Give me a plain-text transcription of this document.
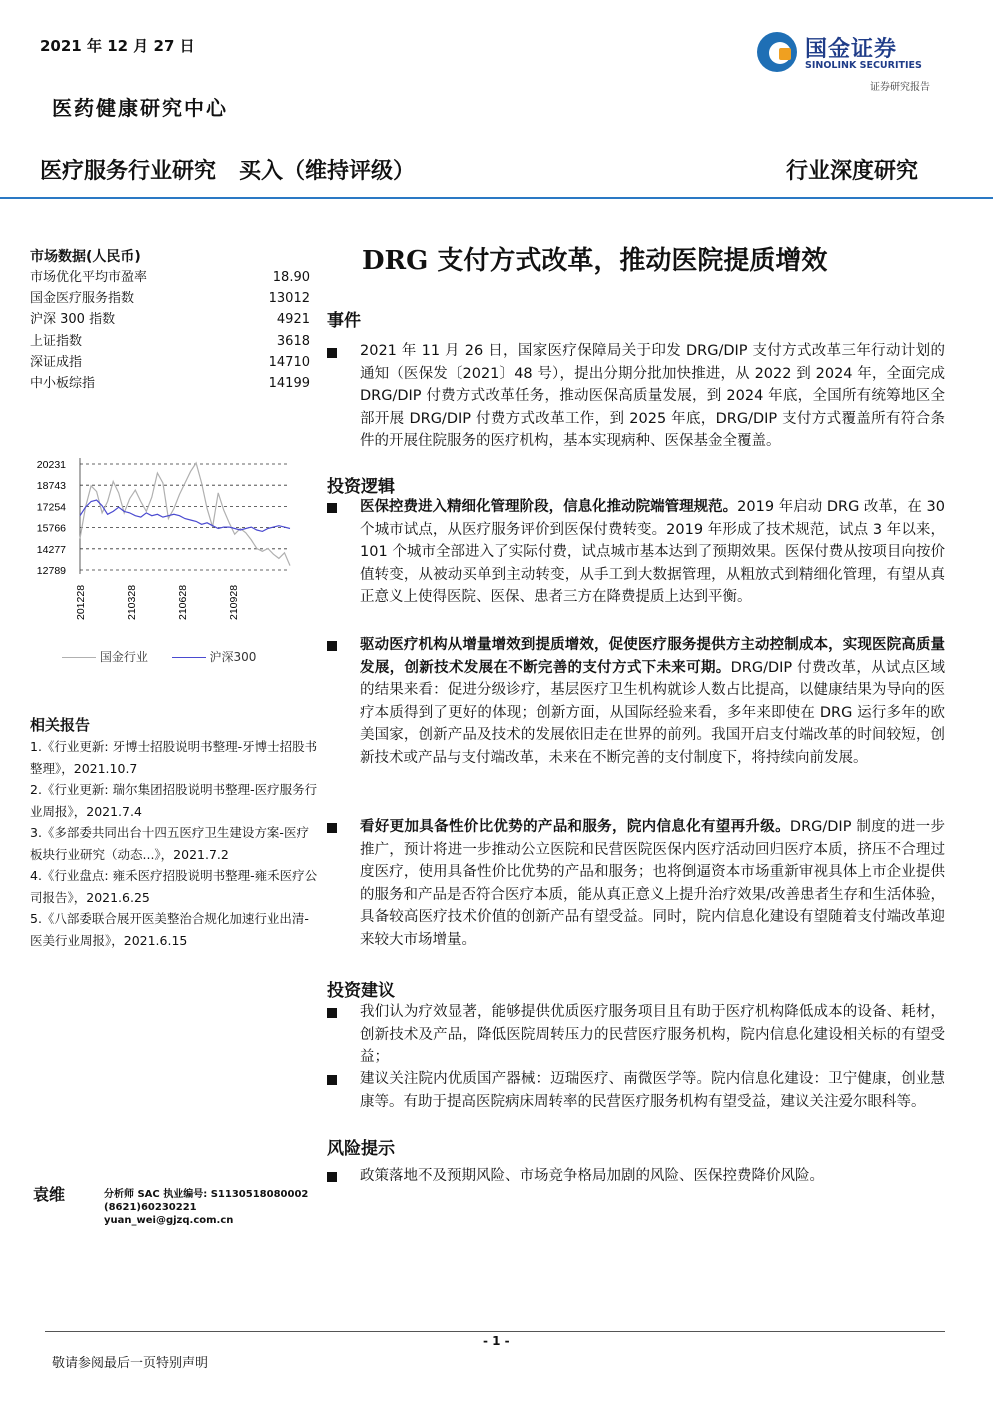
2021 年 12 月 27 日	国金证券
SINOLINK SECURITIES
证券研究报告
医药健康研究中心
医疗服务行业研究   买入（维持评级）	行业深度研究
市场数据(人民币)
市场优化平均市盈率	18.90
国金医疗服务指数	13012
沪深 300 指数	4921
上证指数	3618
深证成指	14710
中小板综指	14199
20231
18743
17254
15766
14277
12789
201228	210328	210628	210928
国金行业	沪深300
相关报告
1.《行业更新: 牙博士招股说明书整理-牙博士招股书整理》，2021.10.7
2.《行业更新: 瑞尔集团招股说明书整理-医疗服务行业周报》，2021.7.4
3.《多部委共同出台十四五医疗卫生建设方案-医疗板块行业研究（动态...》，2021.7.2
4.《行业盘点: 雍禾医疗招股说明书整理-雍禾医疗公司报告》，2021.6.25
5.《八部委联合展开医美整治合规化加速行业出清-医美行业周报》，2021.6.15
袁维	分析师 SAC 执业编号: S1130518080002
(8621)60230221
yuan_wei@gjzq.com.cn
DRG 支付方式改革，推动医院提质增效
事件
2021 年 11 月 26 日，国家医疗保障局关于印发 DRG/DIP 支付方式改革三年行动计划的通知（医保发〔2021〕48 号），提出分期分批加快推进，从 2022 到 2024 年，全面完成 DRG/DIP 付费方式改革任务，推动医保高质量发展，到 2024 年底，全国所有统筹地区全部开展 DRG/DIP 付费方式改革工作，到 2025 年底，DRG/DIP 支付方式覆盖所有符合条件的开展住院服务的医疗机构，基本实现病种、医保基金全覆盖。
投资逻辑
医保控费进入精细化管理阶段，信息化推动院端管理规范。2019 年启动 DRG 改革，在 30 个城市试点，从医疗服务评价到医保付费转变。2019 年形成了技术规范，试点 3 年以来，101 个城市全部进入了实际付费，试点城市基本达到了预期效果。医保付费从按项目向按价值转变，从被动买单到主动转变，从手工到大数据管理，从粗放式到精细化管理，有望从真正意义上使得医院、医保、患者三方在降费提质上达到平衡。
驱动医疗机构从增量增效到提质增效，促使医疗服务提供方主动控制成本，实现医院高质量发展，创新技术发展在不断完善的支付方式下未来可期。DRG/DIP 付费改革，从试点区域的结果来看：促进分级诊疗，基层医疗卫生机构就诊人数占比提高，以健康结果为导向的医疗本质得到了更好的体现；创新方面，从国际经验来看，多年来即使在 DRG 运行多年的欧美国家，创新产品及技术的发展依旧走在世界的前列。我国开启支付端改革的时间较短，创新技术或产品与支付端改革，未来在不断完善的支付制度下，将持续向前发展。
看好更加具备性价比优势的产品和服务，院内信息化有望再升级。DRG/DIP 制度的进一步推广，预计将进一步推动公立医院和民营医院医保内医疗活动回归医疗本质，挤压不合理过度医疗，使用具备性价比优势的产品和服务；也将倒逼资本市场重新审视具体上市企业提供的服务和产品是否符合医疗本质，能从真正意义上提升治疗效果/改善患者生存和生活体验，具备较高医疗技术价值的创新产品有望受益。同时，院内信息化建设有望随着支付端改革迎来较大市场增量。
投资建议
我们认为疗效显著，能够提供优质医疗服务项目且有助于医疗机构降低成本的设备、耗材，创新技术及产品，降低医院周转压力的民营医疗服务机构，院内信息化建设相关标的有望受益；
建议关注院内优质国产器械：迈瑞医疗、南微医学等。院内信息化建设：卫宁健康，创业慧康等。有助于提高医院病床周转率的民营医疗服务机构有望受益，建议关注爱尔眼科等。
风险提示
政策落地不及预期风险、市场竞争格局加剧的风险、医保控费降价风险。
- 1 -
敬请参阅最后一页特别声明
